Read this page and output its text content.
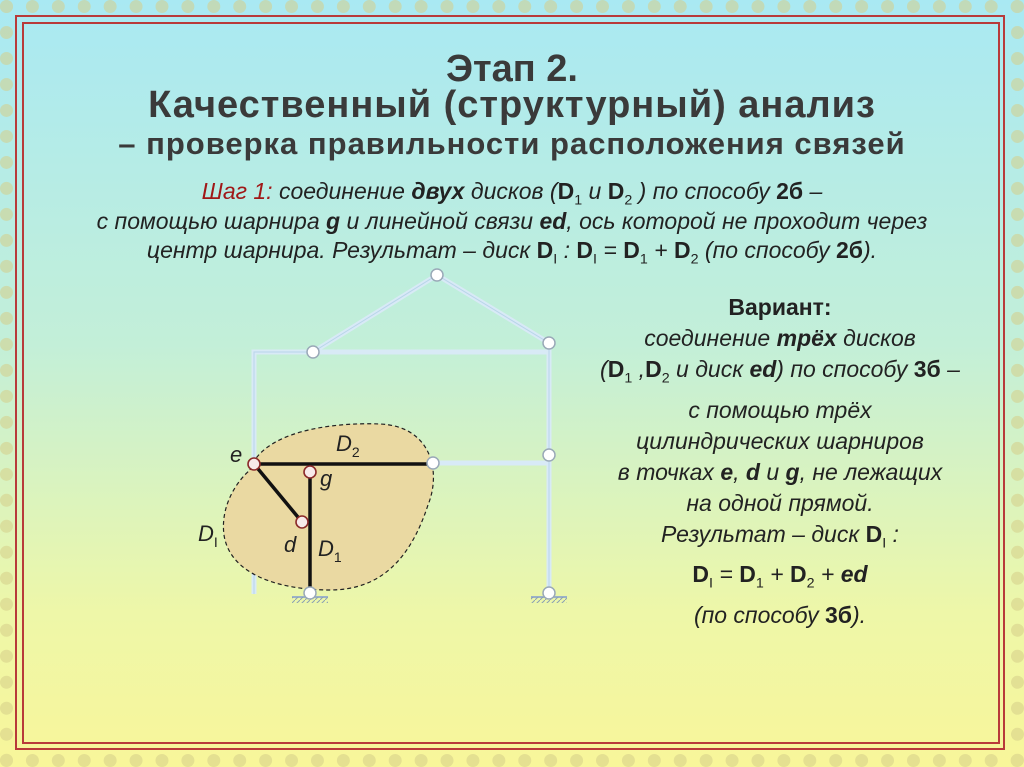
Этап 2.
Качественный (структурный) анализ
– проверка правильности расположения связей
Шаг 1: соединение двух дисков ($D_1$ и $D_2$ ) по способу 2б –
с помощью шарнира g и линейной связи ed, ось которой не проходит через
центр шарнира. Результат – диск $D_I$ : $D_I = D_1 + D_2$ (по способу 2б).
Вариант:
соединение трёх дисков
($D_1$ $,D_2$ и диск ed) по способу 3б –
с помощью трёх
цилиндрических шарниров
в точках e, d и g, не лежащих
на одной прямой.
Результат – диск $D_I$ :
$D_I = D_1 + D_2$ + ed
(по способу 3б).
e
g
d
$D_2$
$D_1$
$D_I$
